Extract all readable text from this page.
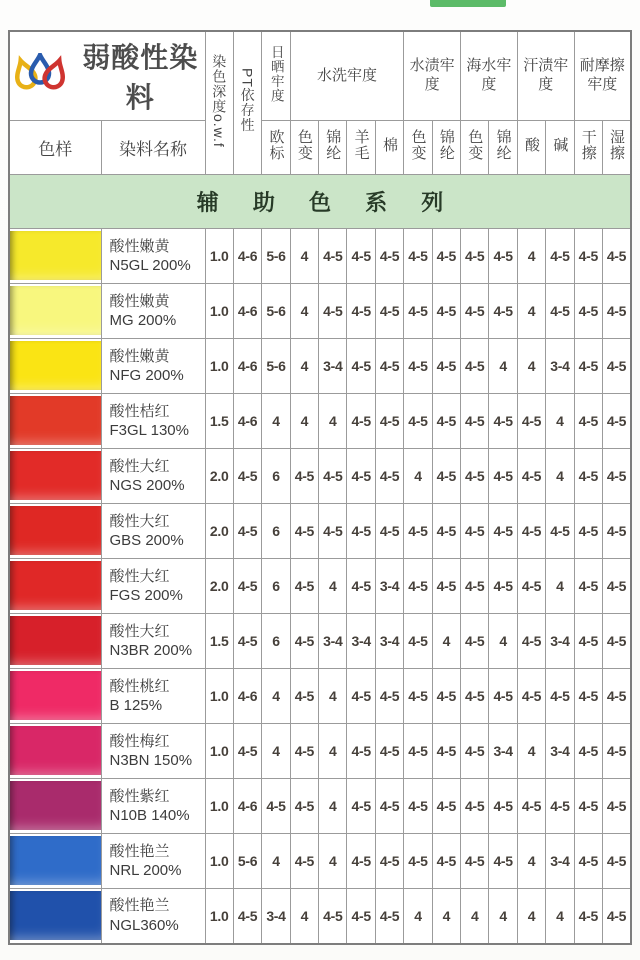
弱酸性染料		染色深度o.w.f	PT依存性	日晒牢度	水洗牢度				水渍牢度		海水牢度		汗渍牢度		耐摩擦牢度	
色样	染料名称			欧标	色变	锦纶	羊毛	棉	色变	锦纶	色变	锦纶	酸	碱	干擦	湿擦
辅 助 色 系 列																

	酸性嫩黄
N5GL 200%	1.0	4-6	5-6	4	4-5	4-5	4-5	4-5	4-5	4-5	4-5	4	4-5	4-5	4-5

	酸性嫩黄
MG 200%	1.0	4-6	5-6	4	4-5	4-5	4-5	4-5	4-5	4-5	4-5	4	4-5	4-5	4-5

	酸性嫩黄
NFG 200%	1.0	4-6	5-6	4	3-4	4-5	4-5	4-5	4-5	4-5	4	4	3-4	4-5	4-5

	酸性桔红
F3GL 130%	1.5	4-6	4	4	4	4-5	4-5	4-5	4-5	4-5	4-5	4-5	4	4-5	4-5

	酸性大红
NGS 200%	2.0	4-5	6	4-5	4-5	4-5	4-5	4	4-5	4-5	4-5	4-5	4	4-5	4-5

	酸性大红
GBS 200%	2.0	4-5	6	4-5	4-5	4-5	4-5	4-5	4-5	4-5	4-5	4-5	4-5	4-5	4-5

	酸性大红
FGS 200%	2.0	4-5	6	4-5	4	4-5	3-4	4-5	4-5	4-5	4-5	4-5	4	4-5	4-5

	酸性大红
N3BR 200%	1.5	4-5	6	4-5	3-4	3-4	3-4	4-5	4	4-5	4	4-5	3-4	4-5	4-5

	酸性桃红
B 125%	1.0	4-6	4	4-5	4	4-5	4-5	4-5	4-5	4-5	4-5	4-5	4-5	4-5	4-5

	酸性梅红
N3BN 150%	1.0	4-5	4	4-5	4	4-5	4-5	4-5	4-5	4-5	3-4	4	3-4	4-5	4-5

	酸性紫红
N10B 140%	1.0	4-6	4-5	4-5	4	4-5	4-5	4-5	4-5	4-5	4-5	4-5	4-5	4-5	4-5

	酸性艳兰
NRL 200%	1.0	5-6	4	4-5	4	4-5	4-5	4-5	4-5	4-5	4-5	4	3-4	4-5	4-5

	酸性艳兰
NGL360%	1.0	4-5	3-4	4	4-5	4-5	4-5	4	4	4	4	4	4	4-5	4-5
